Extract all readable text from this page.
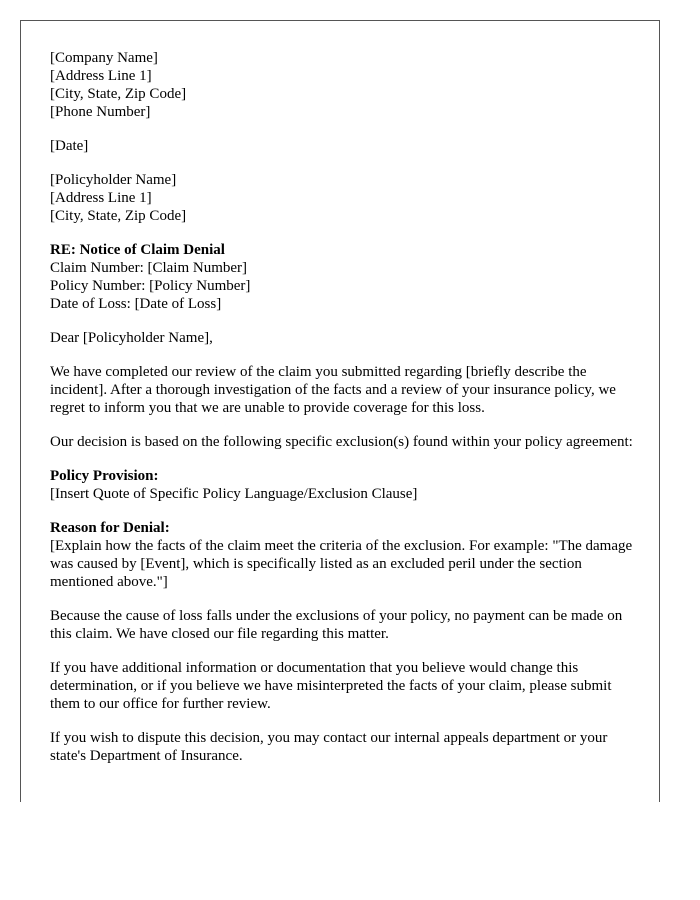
[Company Name]
[Address Line 1]
[City, State, Zip Code]
[Phone Number]
[Date]
[Policyholder Name]
[Address Line 1]
[City, State, Zip Code]
RE: Notice of Claim Denial
Claim Number: [Claim Number]
Policy Number: [Policy Number]
Date of Loss: [Date of Loss]
Dear [Policyholder Name],

We have completed our review of the claim you submitted regarding [briefly describe the incident]. After a thorough investigation of the facts and a review of your insurance policy, we regret to inform you that we are unable to provide coverage for this loss.

Our decision is based on the following specific exclusion(s) found within your policy agreement:

Policy Provision:
[Insert Quote of Specific Policy Language/Exclusion Clause]
Reason for Denial:
[Explain how the facts of the claim meet the criteria of the exclusion. For example: "The damage was caused by [Event], which is specifically listed as an excluded peril under the section mentioned above."]

Because the cause of loss falls under the exclusions of your policy, no payment can be made on this claim. We have closed our file regarding this matter.

If you have additional information or documentation that you believe would change this determination, or if you believe we have misinterpreted the facts of your claim, please submit them to our office for further review.

If you wish to dispute this decision, you may contact our internal appeals department or your state's Department of Insurance.
